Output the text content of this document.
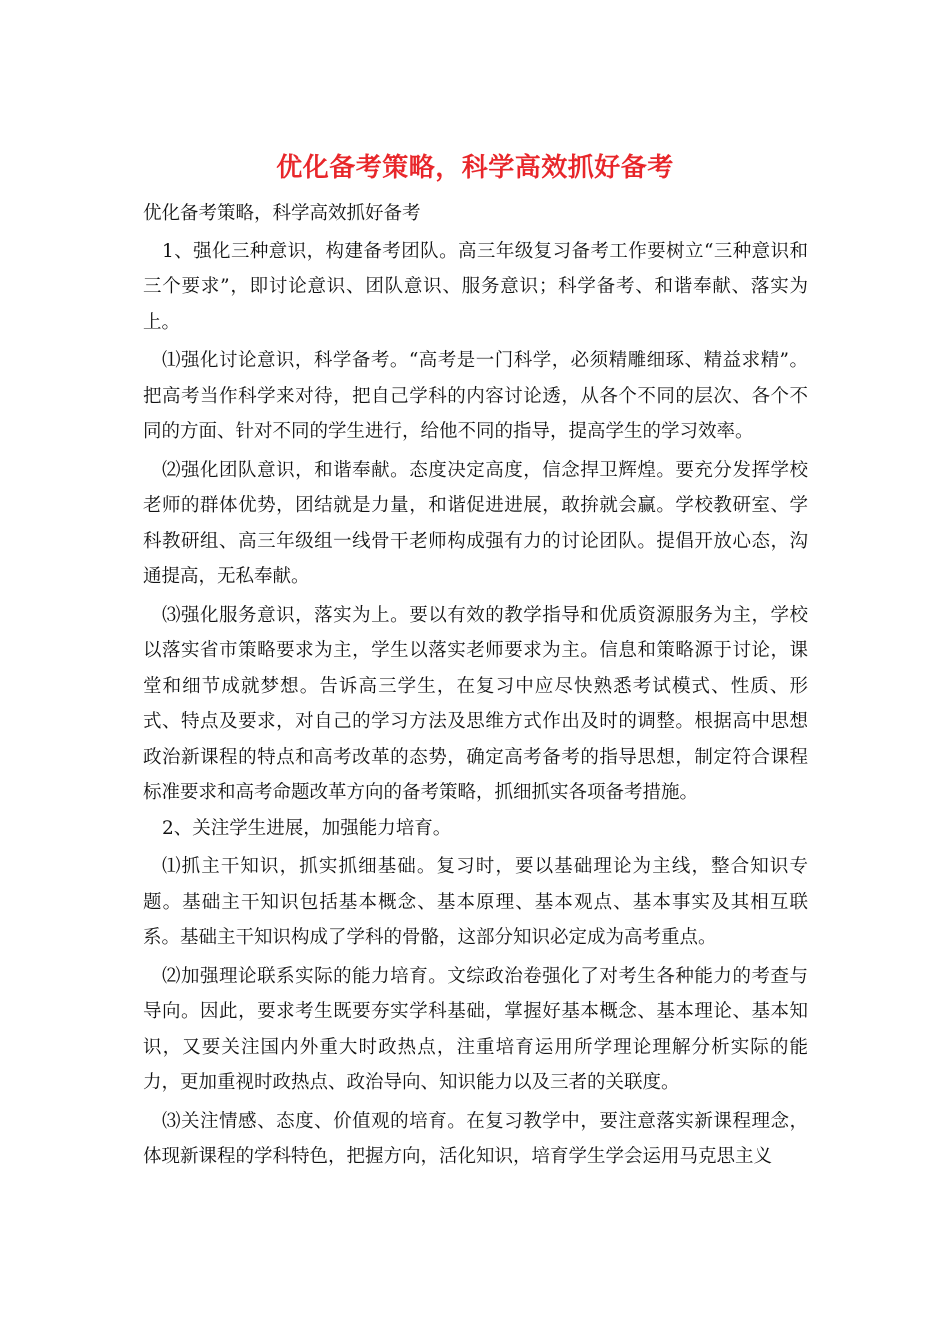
优化备考策略，科学高效抓好备考

优化备考策略，科学高效抓好备考

1、强化三种意识，构建备考团队。高三年级复习备考工作要树立“三种意识和三个要求”，即讨论意识、团队意识、服务意识；科学备考、和谐奉献、落实为上。

⑴强化讨论意识，科学备考。“高考是一门科学，必须精雕细琢、精益求精”。把高考当作科学来对待，把自己学科的内容讨论透，从各个不同的层次、各个不同的方面、针对不同的学生进行，给他不同的指导，提高学生的学习效率。

⑵强化团队意识，和谐奉献。态度决定高度，信念捍卫辉煌。要充分发挥学校老师的群体优势，团结就是力量，和谐促进进展，敢拚就会赢。学校教研室、学科教研组、高三年级组一线骨干老师构成强有力的讨论团队。提倡开放心态，沟通提高，无私奉献。

⑶强化服务意识，落实为上。要以有效的教学指导和优质资源服务为主，学校以落实省市策略要求为主，学生以落实老师要求为主。信息和策略源于讨论，课堂和细节成就梦想。告诉高三学生，在复习中应尽快熟悉考试模式、性质、形式、特点及要求，对自己的学习方法及思维方式作出及时的调整。根据高中思想政治新课程的特点和高考改革的态势，确定高考备考的指导思想，制定符合课程标准要求和高考命题改革方向的备考策略，抓细抓实各项备考措施。

2、关注学生进展，加强能力培育。

⑴抓主干知识，抓实抓细基础。复习时，要以基础理论为主线，整合知识专题。基础主干知识包括基本概念、基本原理、基本观点、基本事实及其相互联系。基础主干知识构成了学科的骨骼，这部分知识必定成为高考重点。

⑵加强理论联系实际的能力培育。文综政治卷强化了对考生各种能力的考查与导向。因此，要求考生既要夯实学科基础，掌握好基本概念、基本理论、基本知识，又要关注国内外重大时政热点，注重培育运用所学理论理解分析实际的能力，更加重视时政热点、政治导向、知识能力以及三者的关联度。

⑶关注情感、态度、价值观的培育。在复习教学中，要注意落实新课程理念，体现新课程的学科特色，把握方向，活化知识，培育学生学会运用马克思主义
